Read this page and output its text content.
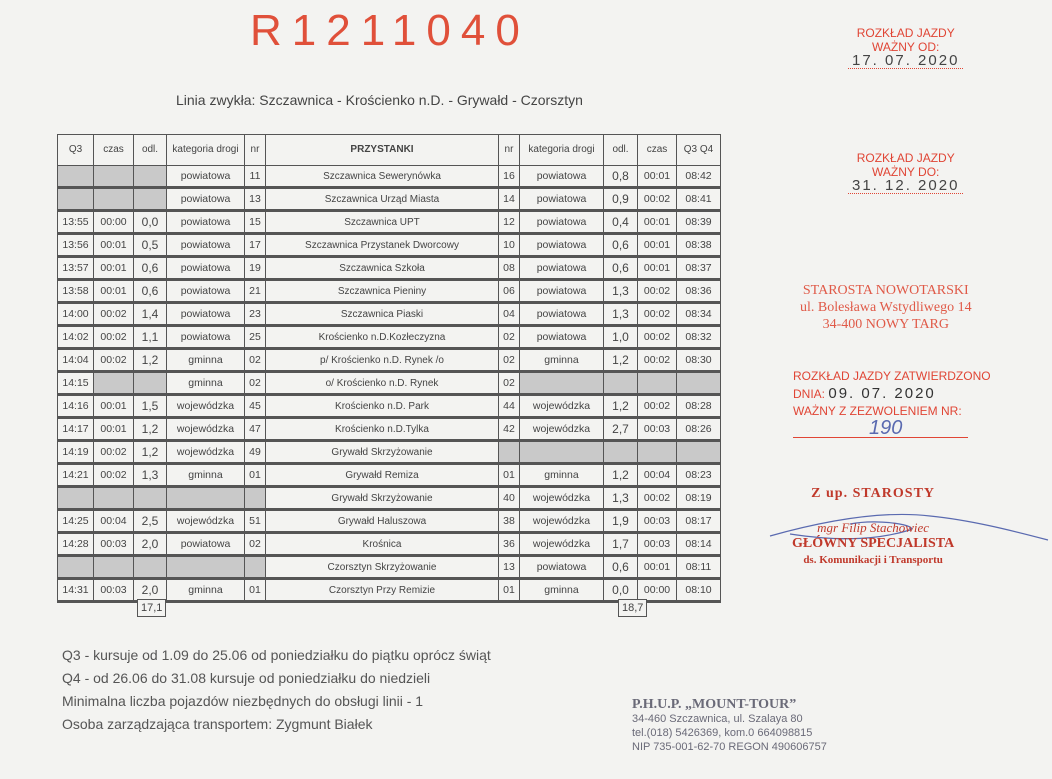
R1211040	ROZKŁAD JAZDY
WAŻNY OD:
17. 07. 2020
ROZKŁAD JAZDY
WAŻNY DO:
31. 12. 2020
Linia zwykła: Szczawnica - Krościenko n.D. - Grywałd - Czorsztyn
Q3	czas	odl.	kategoria drogi	nr	PRZYSTANKI	nr	kategoria drogi	odl.	czas	Q3 Q4
			powiatowa	11	Szczawnica Sewerynówka	16	powiatowa	0,8	00:01	08:42
			powiatowa	13	Szczawnica Urząd Miasta	14	powiatowa	0,9	00:02	08:41
13:55	00:00	0,0	powiatowa	15	Szczawnica UPT	12	powiatowa	0,4	00:01	08:39
13:56	00:01	0,5	powiatowa	17	Szczawnica Przystanek Dworcowy	10	powiatowa	0,6	00:01	08:38
13:57	00:01	0,6	powiatowa	19	Szczawnica Szkoła	08	powiatowa	0,6	00:01	08:37
13:58	00:01	0,6	powiatowa	21	Szczawnica Pieniny	06	powiatowa	1,3	00:02	08:36
14:00	00:02	1,4	powiatowa	23	Szczawnica Piaski	04	powiatowa	1,3	00:02	08:34
14:02	00:02	1,1	powiatowa	25	Krościenko n.D.Kozłeczyzna	02	powiatowa	1,0	00:02	08:32
14:04	00:02	1,2	gminna	02	p/ Krościenko n.D. Rynek /o	02	gminna	1,2	00:02	08:30
14:15			gminna	02	o/ Krościenko n.D. Rynek	02				
14:16	00:01	1,5	wojewódzka	45	Krościenko n.D. Park	44	wojewódzka	1,2	00:02	08:28
14:17	00:01	1,2	wojewódzka	47	Krościenko n.D.Tylka	42	wojewódzka	2,7	00:03	08:26
14:19	00:02	1,2	wojewódzka	49	Grywałd Skrzyżowanie					
14:21	00:02	1,3	gminna	01	Grywałd Remiza	01	gminna	1,2	00:04	08:23
					Grywałd Skrzyżowanie	40	wojewódzka	1,3	00:02	08:19
14:25	00:04	2,5	wojewódzka	51	Grywałd Haluszowa	38	wojewódzka	1,9	00:03	08:17
14:28	00:03	2,0	powiatowa	02	Krośnica	36	wojewódzka	1,7	00:03	08:14
					Czorsztyn Skrzyżowanie	13	powiatowa	0,6	00:01	08:11
14:31	00:03	2,0	gminna	01	Czorsztyn Przy Remizie	01	gminna	0,0	00:00	08:10
17,1	18,7
Q3 - kursuje od 1.09 do 25.06 od poniedziałku do piątku oprócz świąt
Q4 - od 26.06 do 31.08 kursuje od poniedziałku do niedzieli
Minimalna liczba pojazdów niezbędnych do obsługi linii - 1
Osoba zarządzająca transportem: Zygmunt Białek
STAROSTA NOWOTARSKI
ul. Bolesława Wstydliwego 14
34-400 NOWY TARG
ROZKŁAD JAZDY ZATWIERDZONO
DNIA: 09. 07. 2020
WAŻNY Z ZEZWOLENIEM NR:
190
Z up. STAROSTY
mgr Filip Stachowiec
GŁÓWNY SPECJALISTA
ds. Komunikacji i Transportu
P.H.U.P. „MOUNT-TOUR”
34-460 Szczawnica, ul. Szalaya 80
tel.(018) 5426369, kom.0 664098815
NIP 735-001-62-70 REGON 490606757
